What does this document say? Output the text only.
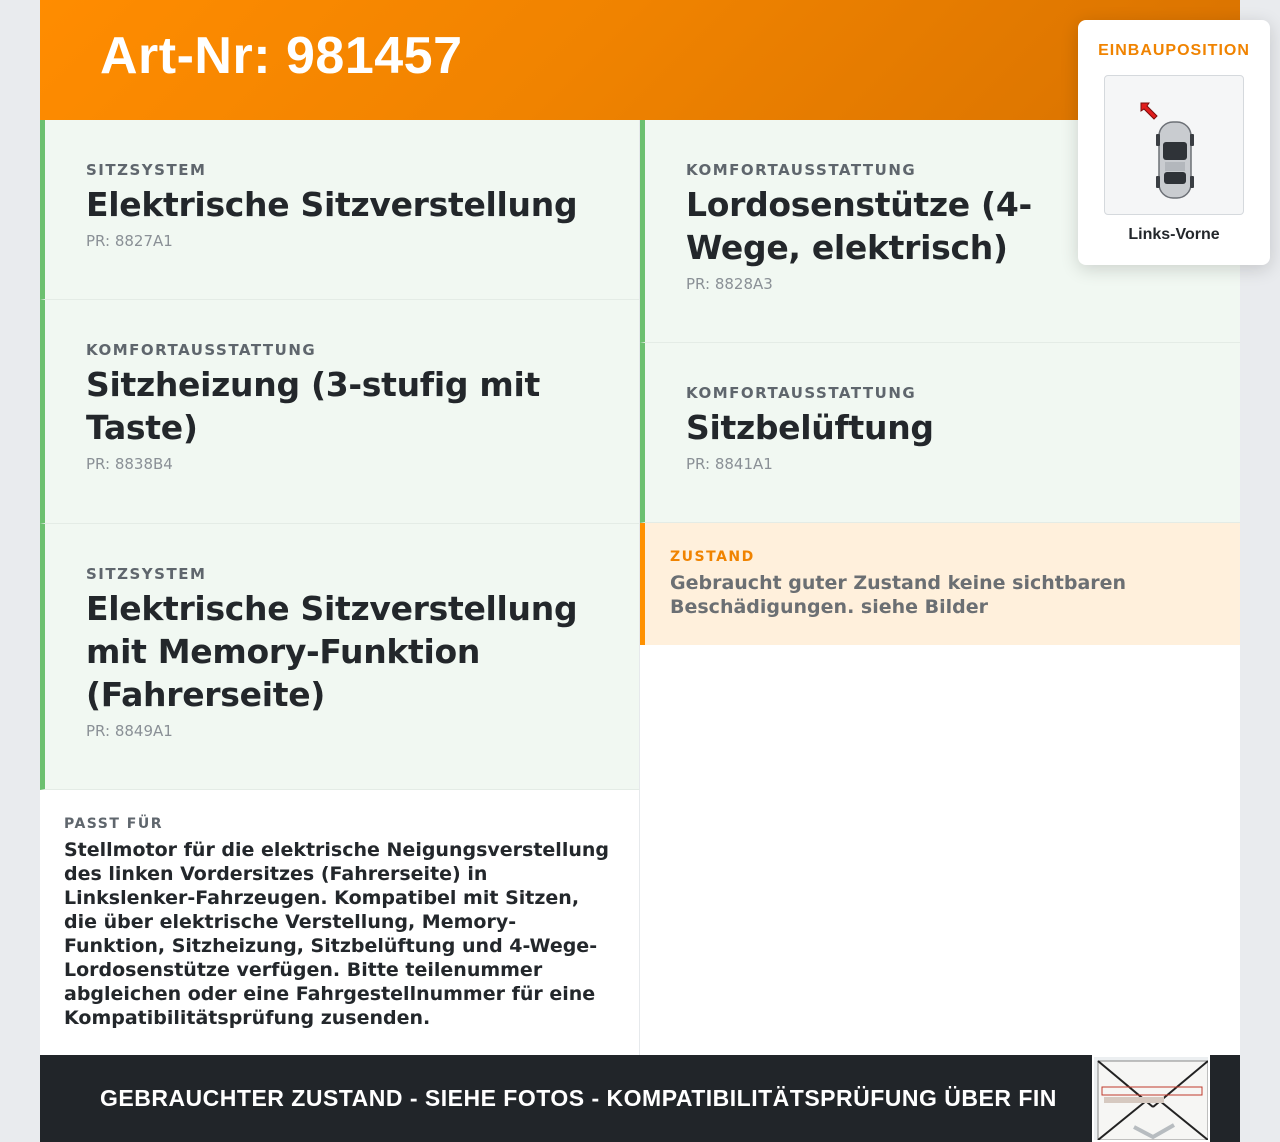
Art-Nr: 981457
SITZSYSTEM
Elektrische Sitzverstellung
PR: 8827A1
KOMFORTAUSSTATTUNG
Sitzheizung (3-stufig mit Taste)
PR: 8838B4
SITZSYSTEM
Elektrische Sitzverstellung mit Memory-Funktion (Fahrerseite)
PR: 8849A1
KOMFORTAUSSTATTUNG
Lordosenstütze (4-Wege, elektrisch)
PR: 8828A3
KOMFORTAUSSTATTUNG
Sitzbelüftung
PR: 8841A1
ZUSTAND
Gebraucht guter Zustand keine sichtbaren Beschädigungen. siehe Bilder
PASST FÜR
Stellmotor für die elektrische Neigungsverstellung des linken Vordersitzes (Fahrerseite) in Linkslenker-Fahrzeugen. Kompatibel mit Sitzen, die über elektrische Verstellung, Memory-Funktion, Sitzheizung, Sitzbelüftung und 4-Wege-Lordosenstütze verfügen. Bitte teilenummer abgleichen oder eine Fahrgestellnummer für eine Kompatibilitätsprüfung zusenden.
GEBRAUCHTER ZUSTAND - SIEHE FOTOS - KOMPATIBILITÄTSPRÜFUNG ÜBER FIN
EINBAUPOSITION
Links-Vorne
